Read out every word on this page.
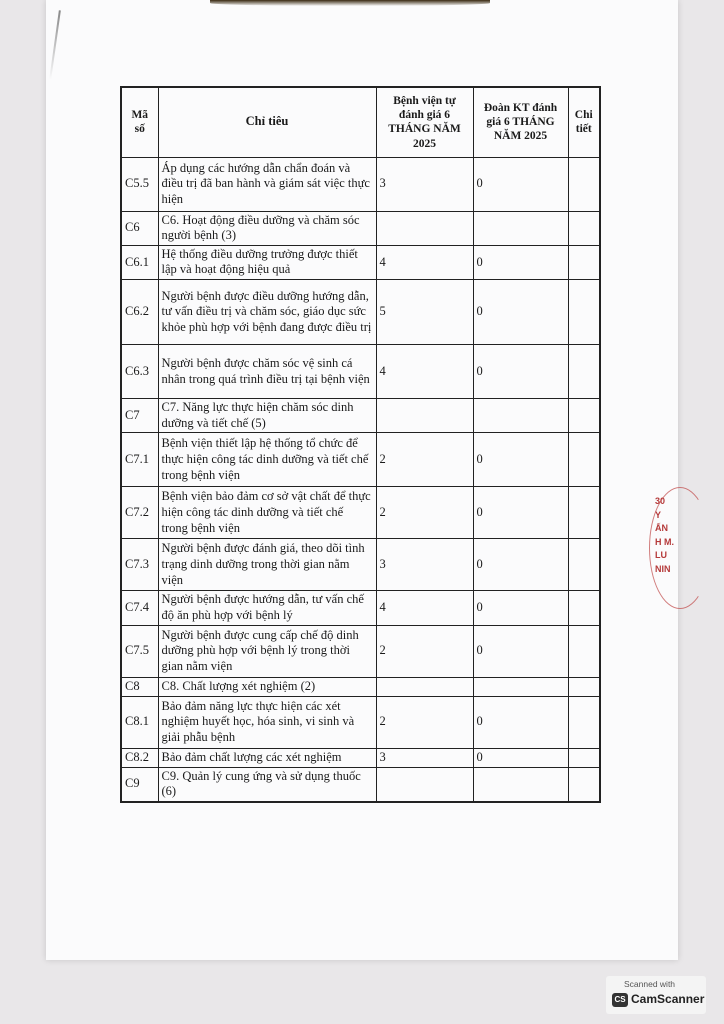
Mã số	Chỉ tiêu	Bệnh viện tự đánh giá 6 THÁNG NĂM 2025	Đoàn KT đánh giá 6 THÁNG NĂM 2025	Chi tiết
C5.5	Áp dụng các hướng dẫn chẩn đoán và điều trị đã ban hành và giám sát việc thực hiện	3	0	
C6	C6. Hoạt động điều dưỡng và chăm sóc người bệnh (3)			
C6.1	Hệ thống điều dưỡng trưởng được thiết lập và hoạt động hiệu quả	4	0	
C6.2	Người bệnh được điều dưỡng hướng dẫn, tư vấn điều trị và chăm sóc, giáo dục sức khỏe phù hợp với bệnh đang được điều trị	5	0	
C6.3	Người bệnh được chăm sóc vệ sinh cá nhân trong quá trình điều trị tại bệnh viện	4	0	
C7	C7. Năng lực thực hiện chăm sóc dinh dưỡng và tiết chế (5)			
C7.1	Bệnh viện thiết lập hệ thống tổ chức để thực hiện công tác dinh dưỡng và tiết chế trong bệnh viện	2	0	
C7.2	Bệnh viện bảo đảm cơ sở vật chất để thực hiện công tác dinh dưỡng và tiết chế trong bệnh viện	2	0	
C7.3	Người bệnh được đánh giá, theo dõi tình trạng dinh dưỡng trong thời gian nằm viện	3	0	
C7.4	Người bệnh được hướng dẫn, tư vấn chế độ ăn phù hợp với bệnh lý	4	0	
C7.5	Người bệnh được cung cấp chế độ dinh dưỡng phù hợp với bệnh lý trong thời gian nằm viện	2	0	
C8	C8. Chất lượng xét nghiệm (2)			
C8.1	Bảo đảm năng lực thực hiện các xét nghiệm huyết học, hóa sinh, vi sinh và giải phẫu bệnh	2	0	
C8.2	Bảo đảm chất lượng các xét nghiệm	3	0	
C9	C9. Quản lý cung ứng và sử dụng thuốc (6)			
30
Y
ẤN
H M.
LU
NIN
Scanned with
CS CamScanner
